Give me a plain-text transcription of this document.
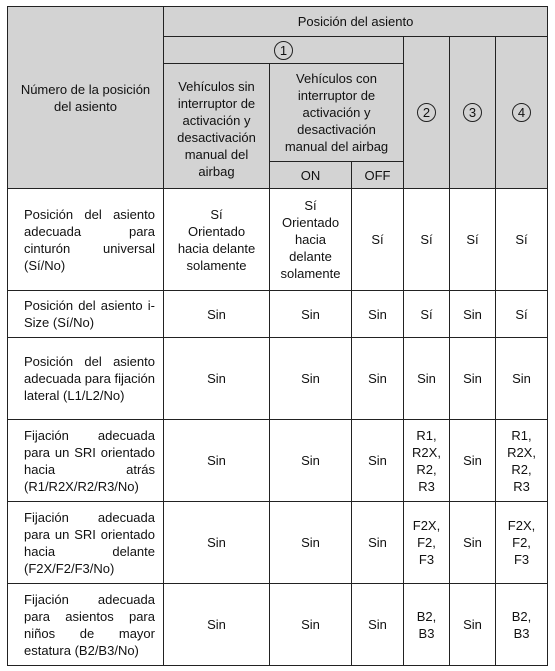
Número de la posición del asiento	Posición del asiento					
	1			2	3	4
	Vehículos sin interruptor de activación y desactivación manual del airbag	Vehículos con interruptor de activación y desactivación manual del airbag				
		ON	OFF			
Posición del asiento adecuada para cinturón universal (Sí/No)	Sí
Orientado
hacia delante
solamente	Sí
Orientado
hacia
delante
solamente	Sí	Sí	Sí	Sí
Posición del asiento i-Size (Sí/No)	Sin	Sin	Sin	Sí	Sin	Sí
Posición del asiento adecuada para fijación lateral (L1/L2/No)	Sin	Sin	Sin	Sin	Sin	Sin
Fijación adecuada para un SRI orientado hacia atrás (R1/R2X/R2/R3/No)	Sin	Sin	Sin	R1,
R2X,
R2,
R3	Sin	R1,
R2X,
R2,
R3
Fijación adecuada para un SRI orientado hacia delante (F2X/F2/F3/No)	Sin	Sin	Sin	F2X,
F2,
F3	Sin	F2X,
F2,
F3
Fijación adecuada para asientos para niños de mayor estatura (B2/B3/No)	Sin	Sin	Sin	B2,
B3	Sin	B2,
B3
